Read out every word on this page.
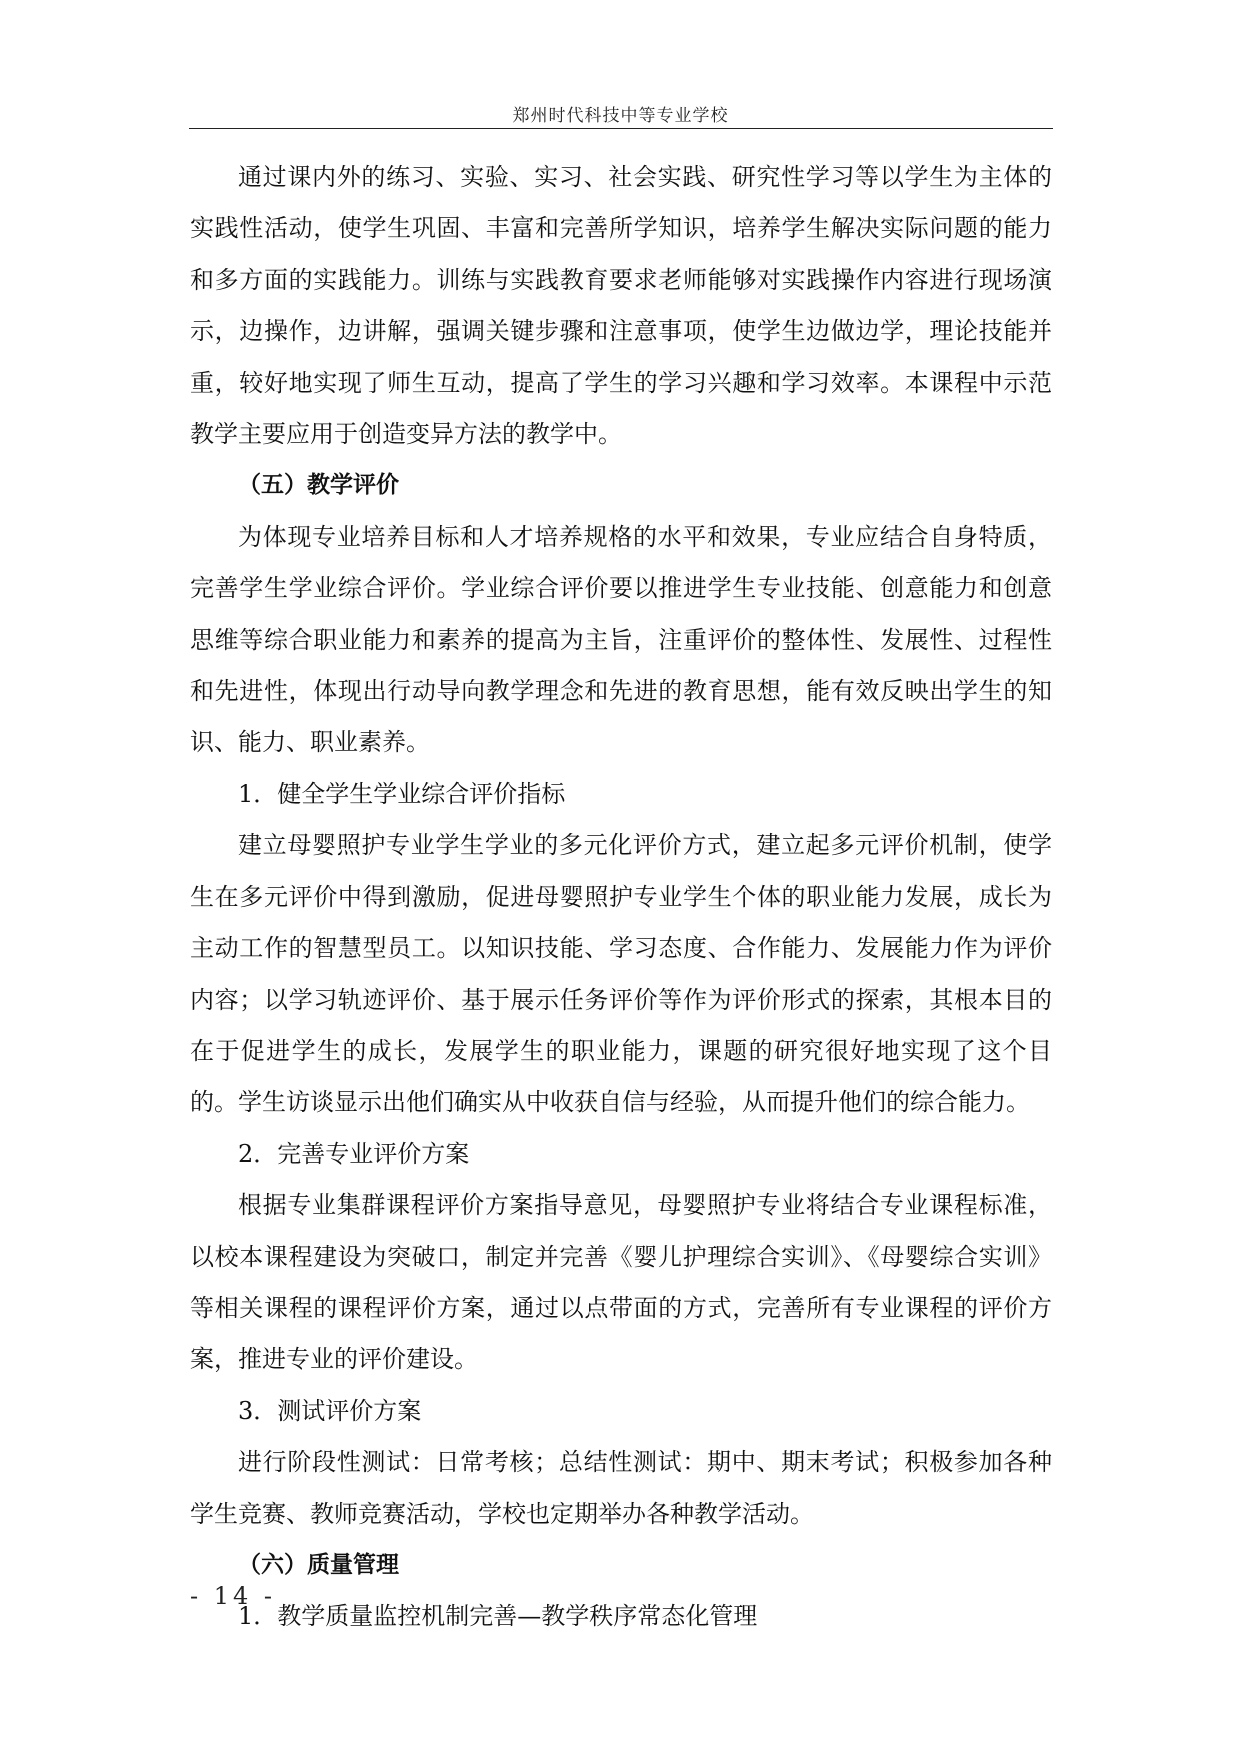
郑州时代科技中等专业学校

通过课内外的练习、实验、实习、社会实践、研究性学习等以学生为主体的实践性活动，使学生巩固、丰富和完善所学知识，培养学生解决实际问题的能力和多方面的实践能力。训练与实践教育要求老师能够对实践操作内容进行现场演示，边操作，边讲解，强调关键步骤和注意事项，使学生边做边学，理论技能并重，较好地实现了师生互动，提高了学生的学习兴趣和学习效率。本课程中示范教学主要应用于创造变异方法的教学中。

（五）教学评价

为体现专业培养目标和人才培养规格的水平和效果，专业应结合自身特质，完善学生学业综合评价。学业综合评价要以推进学生专业技能、创意能力和创意思维等综合职业能力和素养的提高为主旨，注重评价的整体性、发展性、过程性和先进性，体现出行动导向教学理念和先进的教育思想，能有效反映出学生的知识、能力、职业素养。

1．健全学生学业综合评价指标

建立母婴照护专业学生学业的多元化评价方式，建立起多元评价机制，使学生在多元评价中得到激励，促进母婴照护专业学生个体的职业能力发展，成长为主动工作的智慧型员工。以知识技能、学习态度、合作能力、发展能力作为评价内容；以学习轨迹评价、基于展示任务评价等作为评价形式的探索，其根本目的在于促进学生的成长，发展学生的职业能力，课题的研究很好地实现了这个目的。学生访谈显示出他们确实从中收获自信与经验，从而提升他们的综合能力。

2．完善专业评价方案

根据专业集群课程评价方案指导意见，母婴照护专业将结合专业课程标准，以校本课程建设为突破口，制定并完善《婴儿护理综合实训》、《母婴综合实训》等相关课程的课程评价方案，通过以点带面的方式，完善所有专业课程的评价方案，推进专业的评价建设。

3．测试评价方案

进行阶段性测试：日常考核；总结性测试：期中、期末考试；积极参加各种学生竞赛、教师竞赛活动，学校也定期举办各种教学活动。

（六）质量管理

1．教学质量监控机制完善—教学秩序常态化管理

- 14 -
